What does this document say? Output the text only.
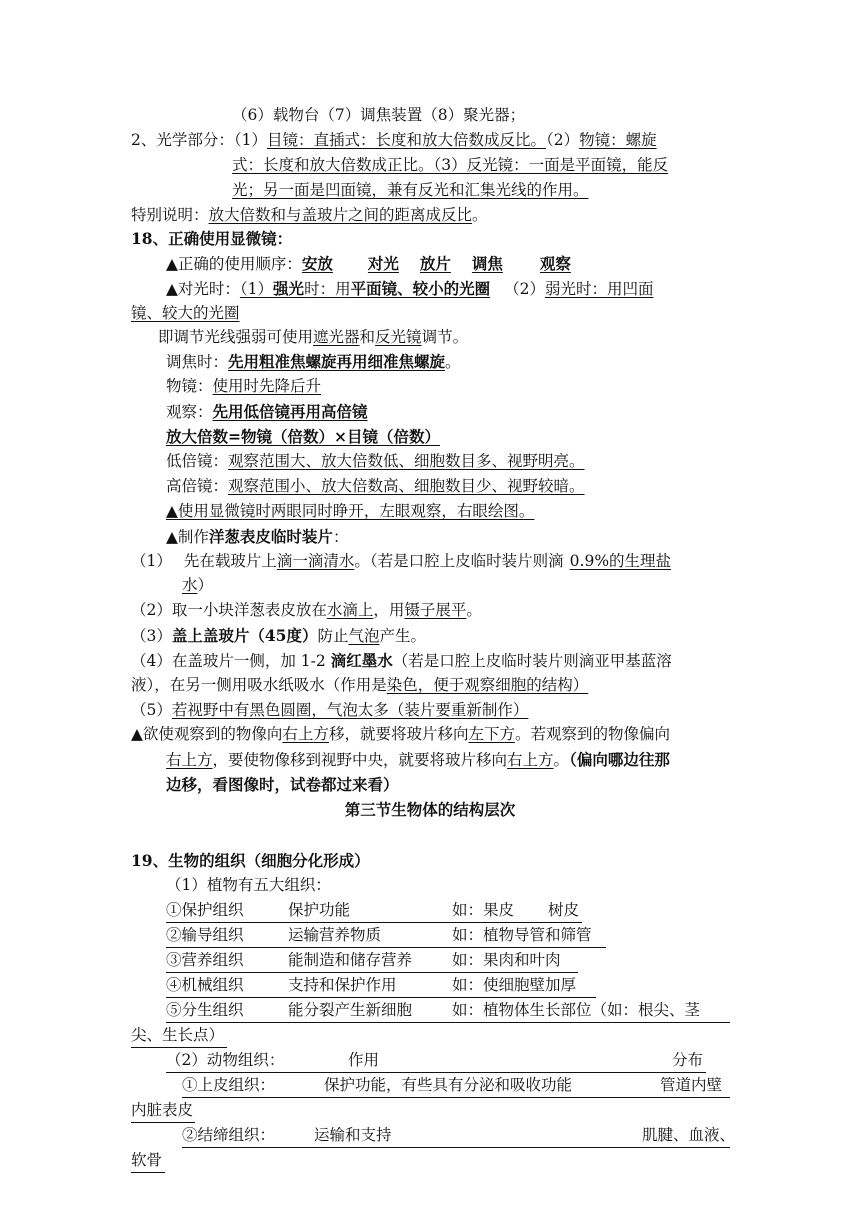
（6）载物台（7）调焦装置（8）聚光器；
2、光学部分：（1）目镜：直插式：长度和放大倍数成反比。（2）物镜：螺旋
式：长度和放大倍数成正比。（3）反光镜：一面是平面镜，能反
光；另一面是凹面镜，兼有反光和汇集光线的作用。
特别说明：放大倍数和与盖玻片之间的距离成反比。
18、正确使用显微镜：
▲正确的使用顺序：安放 对光 放片 调焦 观察
▲对光时：（1）强光时：用平面镜、较小的光圈 （2）弱光时：用凹面
镜、较大的光圈
即调节光线强弱可使用遮光器和反光镜调节。
调焦时：先用粗准焦螺旋再用细准焦螺旋。
物镜：使用时先降后升
观察：先用低倍镜再用高倍镜
放大倍数=物镜（倍数）×目镜（倍数）
低倍镜：观察范围大、放大倍数低、细胞数目多、视野明亮。
高倍镜：观察范围小、放大倍数高、细胞数目少、视野较暗。
▲使用显微镜时两眼同时睁开，左眼观察，右眼绘图。
▲制作洋葱表皮临时装片：
（1） 先在载玻片上滴一滴清水。（若是口腔上皮临时装片则滴 0.9%的生理盐
水）
（2）取一小块洋葱表皮放在水滴上，用镊子展平。
（3）盖上盖玻片（45度）防止气泡产生。
（4）在盖玻片一侧，加 1-2 滴红墨水（若是口腔上皮临时装片则滴亚甲基蓝溶
液），在另一侧用吸水纸吸水（作用是染色，便于观察细胞的结构）
（5）若视野中有黑色圆圈，气泡太多（装片要重新制作）
▲欲使观察到的物像向右上方移，就要将玻片移向左下方。若观察到的物像偏向
右上方，要使物像移到视野中央，就要将玻片移向右上方。（偏向哪边往那
边移，看图像时，试卷都过来看）
第三节生物体的结构层次
19、生物的组织（细胞分化形成）
（1）植物有五大组织：
①保护组织	保护功能	如：果皮 树皮
②输导组织	运输营养物质	如：植物导管和筛管
③营养组织	能制造和储存营养	如：果肉和叶肉
④机械组织	支持和保护作用	如：使细胞壁加厚
⑤分生组织	能分裂产生新细胞	如：植物体生长部位（如：根尖、茎
尖、生长点）
（2）动物组织：	作用	分布
①上皮组织：	保护功能，有些具有分泌和吸收功能	管道内壁
内脏表皮
②结缔组织：	运输和支持	肌腱、血液、
软骨
